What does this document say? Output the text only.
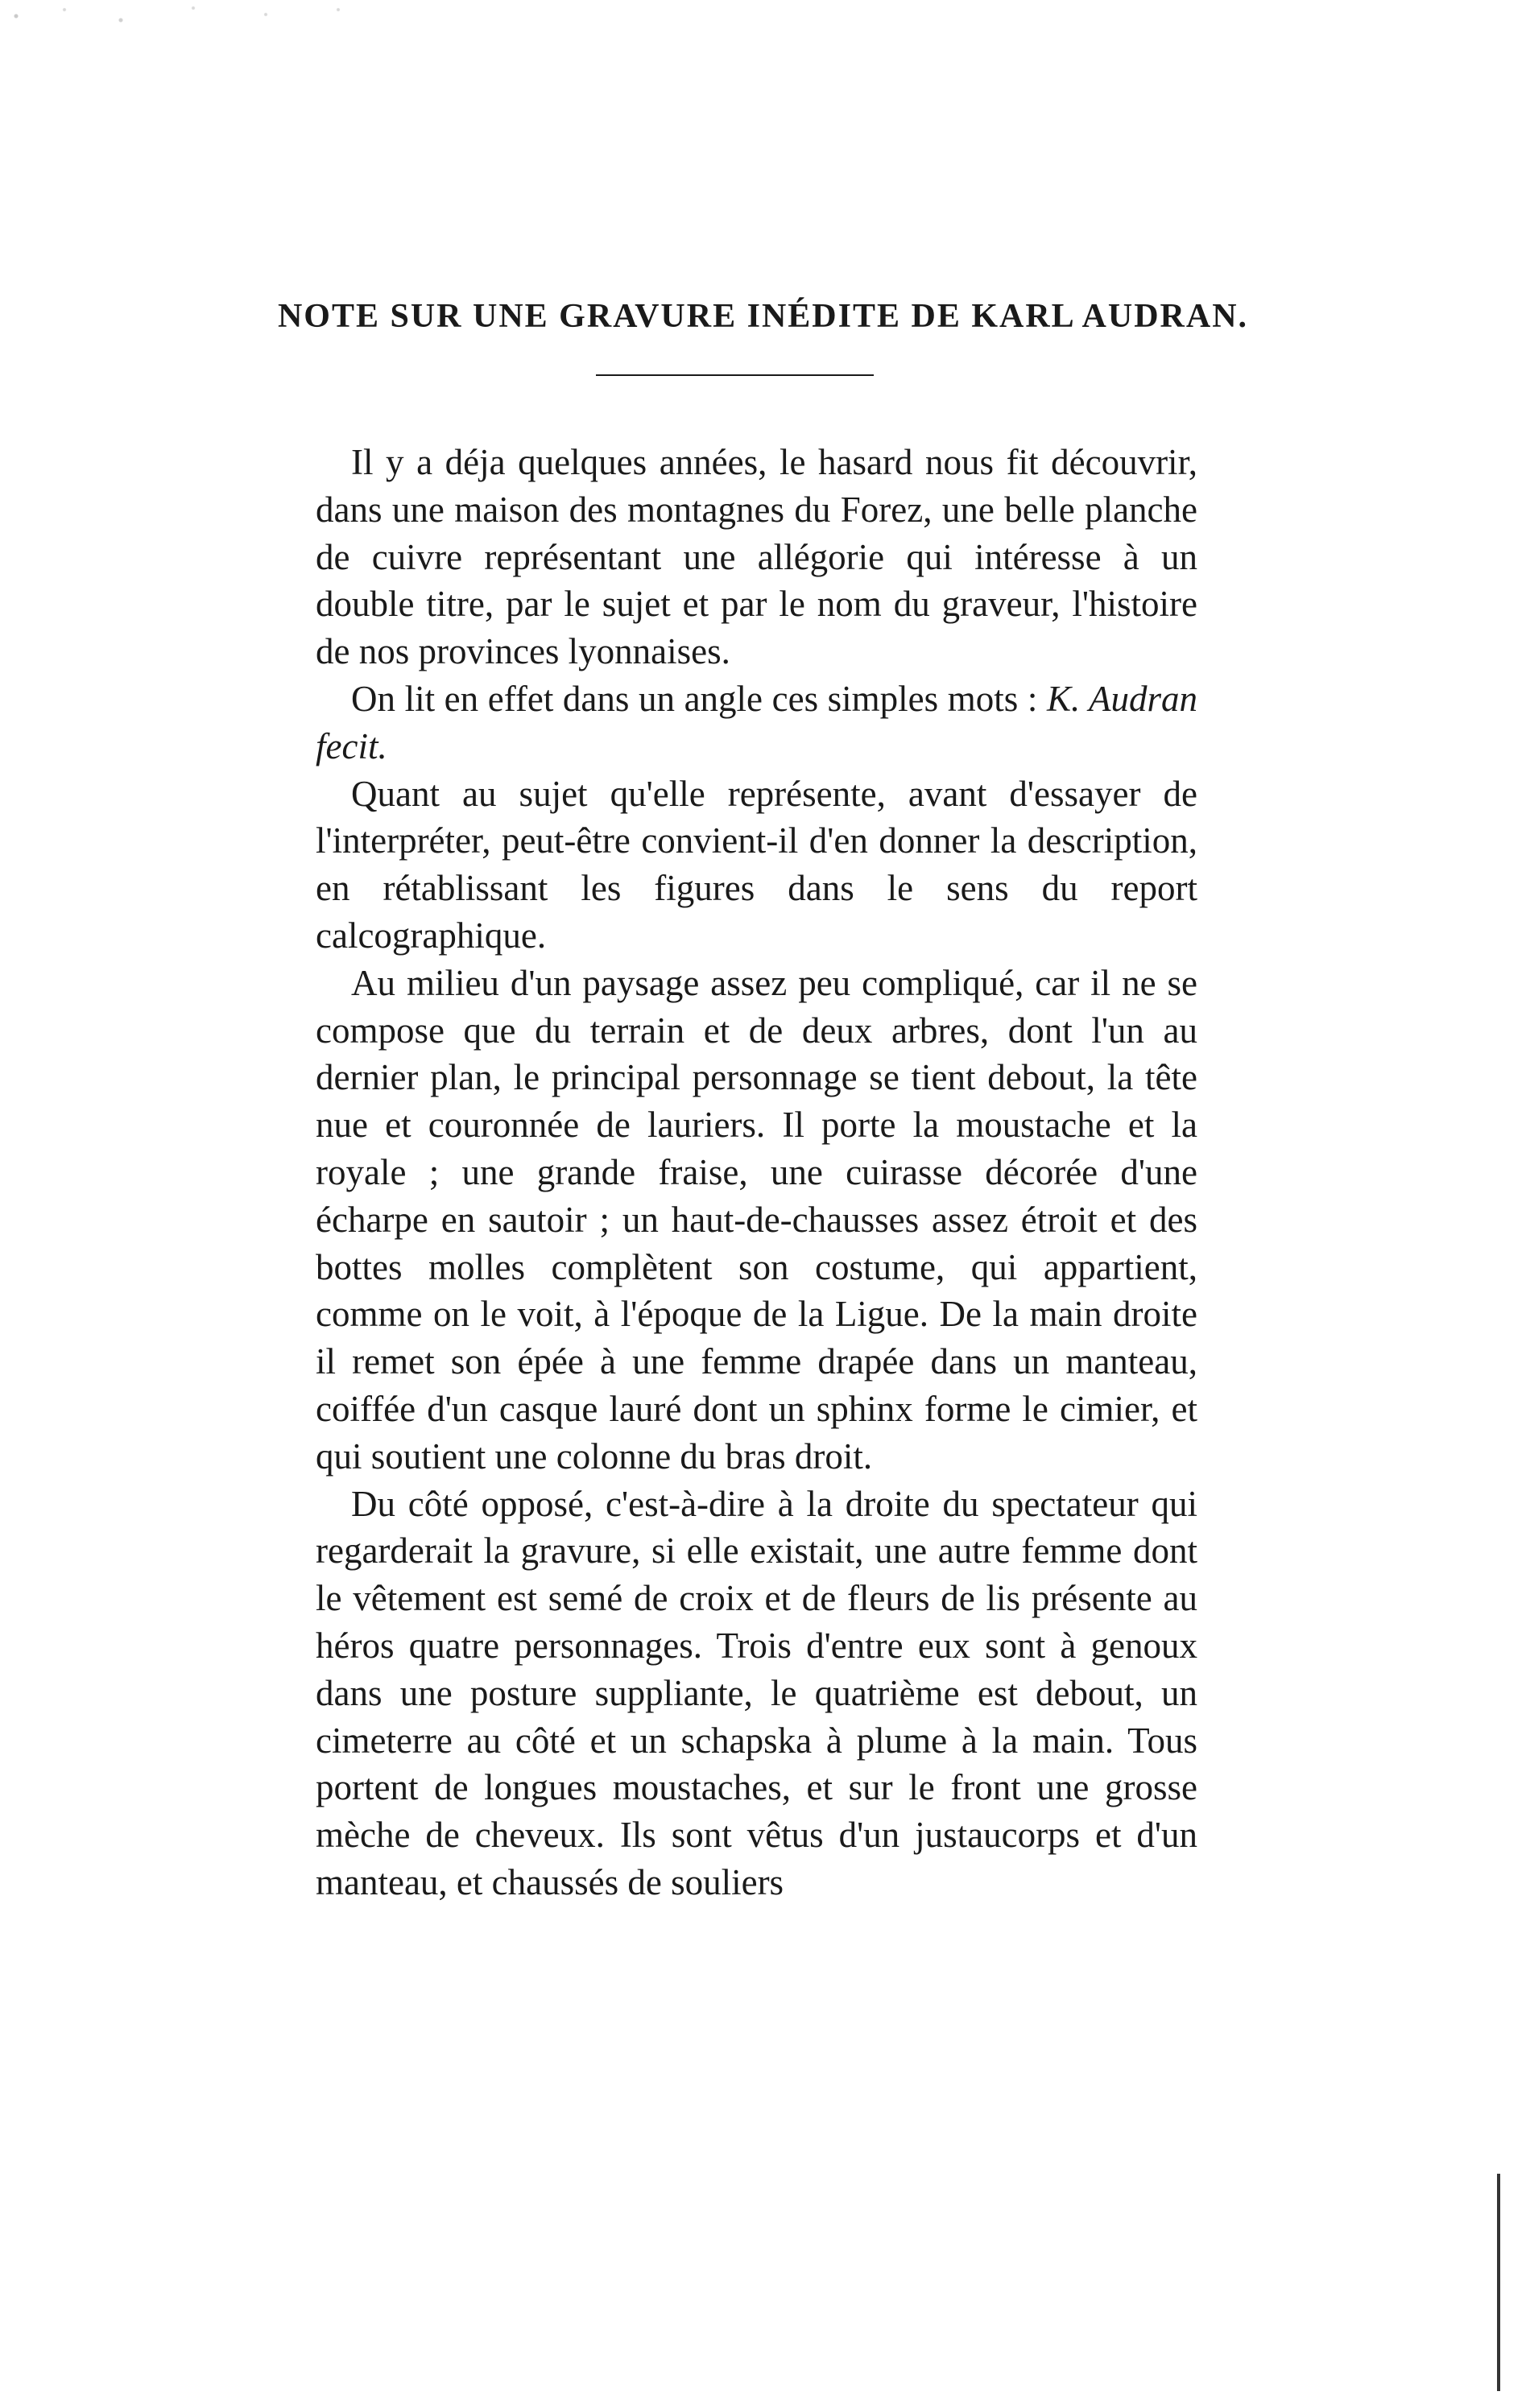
NOTE SUR UNE GRAVURE INÉDITE DE KARL AUDRAN.

Il y a déja quelques années, le hasard nous fit découvrir, dans une maison des montagnes du Forez, une belle planche de cuivre représentant une allégorie qui intéresse à un double titre, par le sujet et par le nom du graveur, l'histoire de nos provinces lyonnaises.

On lit en effet dans un angle ces simples mots : K. Audran fecit.

Quant au sujet qu'elle représente, avant d'essayer de l'interpréter, peut-être convient-il d'en donner la description, en rétablissant les figures dans le sens du report calcographique.

Au milieu d'un paysage assez peu compliqué, car il ne se compose que du terrain et de deux arbres, dont l'un au dernier plan, le principal personnage se tient debout, la tête nue et couronnée de lauriers. Il porte la moustache et la royale ; une grande fraise, une cuirasse décorée d'une écharpe en sautoir ; un haut-de-chausses assez étroit et des bottes molles complètent son costume, qui appartient, comme on le voit, à l'époque de la Ligue. De la main droite il remet son épée à une femme drapée dans un manteau, coiffée d'un casque lauré dont un sphinx forme le cimier, et qui soutient une colonne du bras droit.

Du côté opposé, c'est-à-dire à la droite du spectateur qui regarderait la gravure, si elle existait, une autre femme dont le vêtement est semé de croix et de fleurs de lis présente au héros quatre personnages. Trois d'entre eux sont à genoux dans une posture suppliante, le quatrième est debout, un cimeterre au côté et un schapska à plume à la main. Tous portent de longues moustaches, et sur le front une grosse mèche de cheveux. Ils sont vêtus d'un justaucorps et d'un manteau, et chaussés de souliers
